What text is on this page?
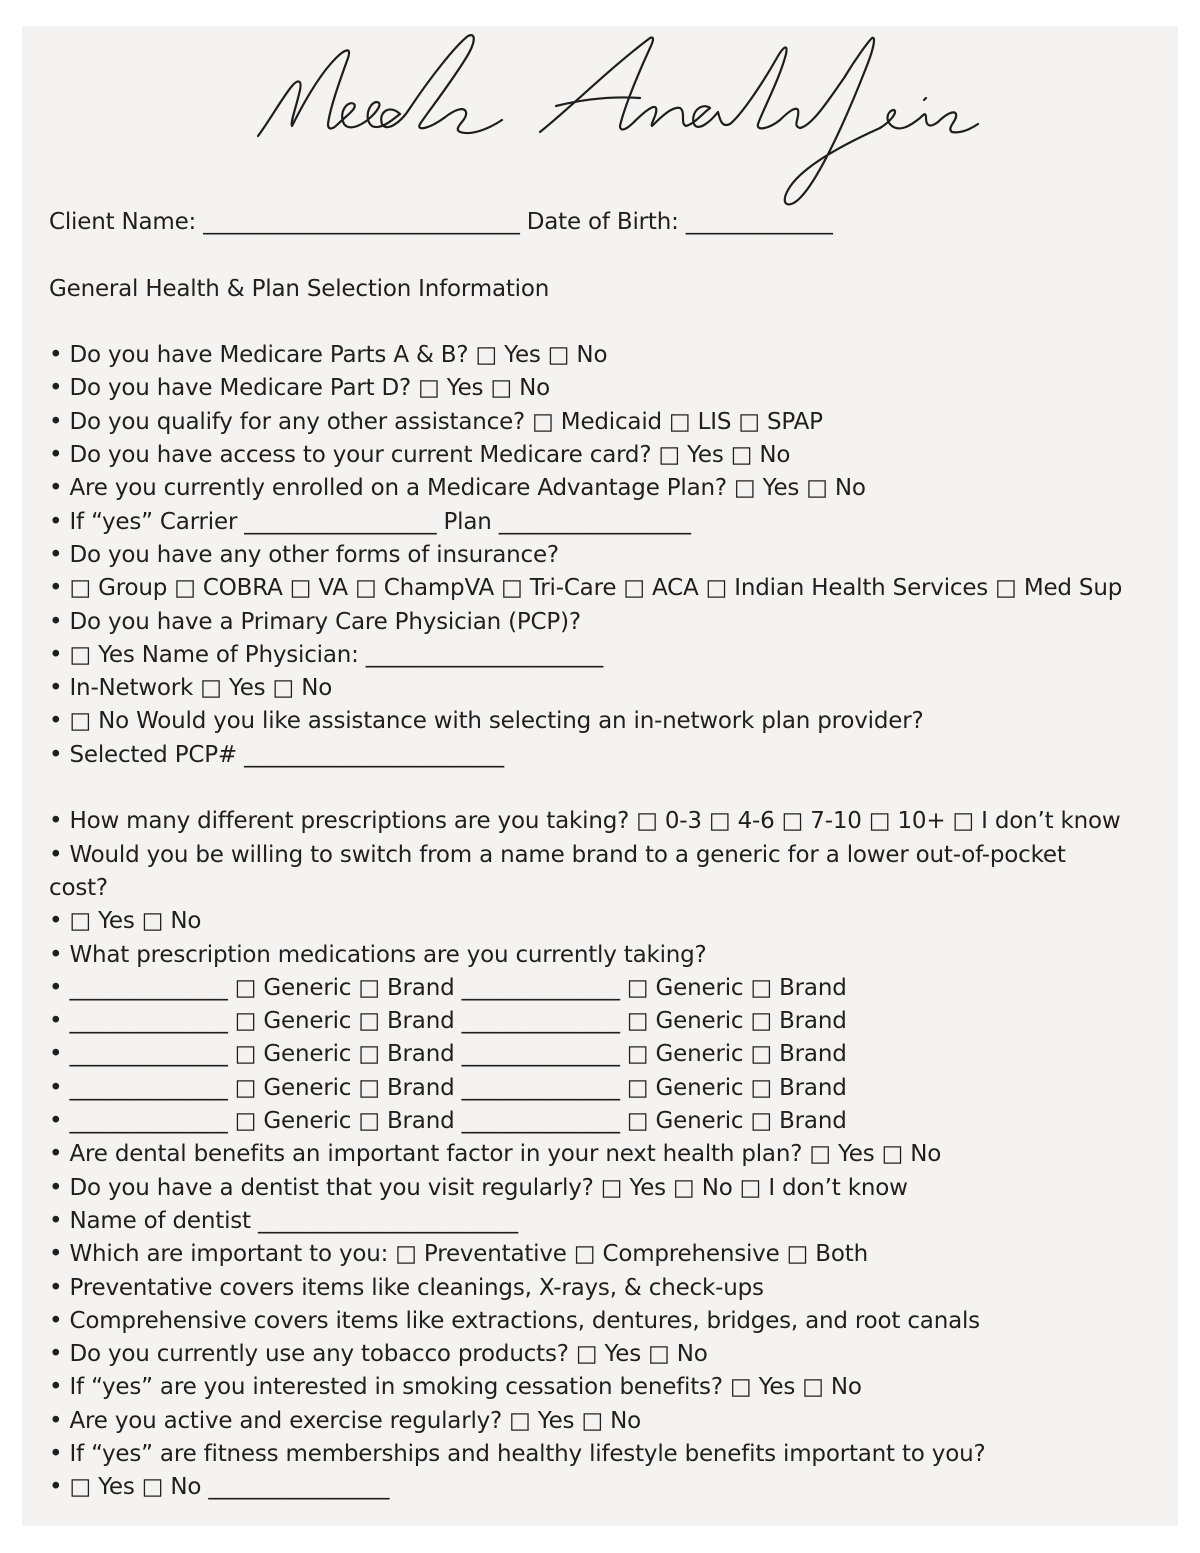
Client Name: ____________________________ Date of Birth: _____________
General Health & Plan Selection Information
• Do you have Medicare Parts A & B? □ Yes □ No
• Do you have Medicare Part D? □ Yes □ No
• Do you qualify for any other assistance? □ Medicaid □ LIS □ SPAP
• Do you have access to your current Medicare card? □ Yes □ No
• Are you currently enrolled on a Medicare Advantage Plan? □ Yes □ No
• If “yes” Carrier _________________ Plan _________________
• Do you have any other forms of insurance?
• □ Group □ COBRA □ VA □ ChampVA □ Tri-Care □ ACA □ Indian Health Services □ Med Sup
• Do you have a Primary Care Physician (PCP)?
• □ Yes Name of Physician: _____________________
• In-Network □ Yes □ No
• □ No Would you like assistance with selecting an in-network plan provider?
• Selected PCP# _______________________
• How many different prescriptions are you taking? □ 0-3 □ 4-6 □ 7-10 □ 10+ □ I don’t know
• Would you be willing to switch from a name brand to a generic for a lower out-of-pocket cost?
• □ Yes □ No
• What prescription medications are you currently taking?
• ______________ □ Generic □ Brand ______________ □ Generic □ Brand
• ______________ □ Generic □ Brand ______________ □ Generic □ Brand
• ______________ □ Generic □ Brand ______________ □ Generic □ Brand
• ______________ □ Generic □ Brand ______________ □ Generic □ Brand
• ______________ □ Generic □ Brand ______________ □ Generic □ Brand
• Are dental benefits an important factor in your next health plan? □ Yes □ No
• Do you have a dentist that you visit regularly? □ Yes □ No □ I don’t know
• Name of dentist _______________________
• Which are important to you: □ Preventative □ Comprehensive □ Both
• Preventative covers items like cleanings, X-rays, & check-ups
• Comprehensive covers items like extractions, dentures, bridges, and root canals
• Do you currently use any tobacco products? □ Yes □ No
• If “yes” are you interested in smoking cessation benefits? □ Yes □ No
• Are you active and exercise regularly? □ Yes □ No
• If “yes” are fitness memberships and healthy lifestyle benefits important to you?
• □ Yes □ No ________________
